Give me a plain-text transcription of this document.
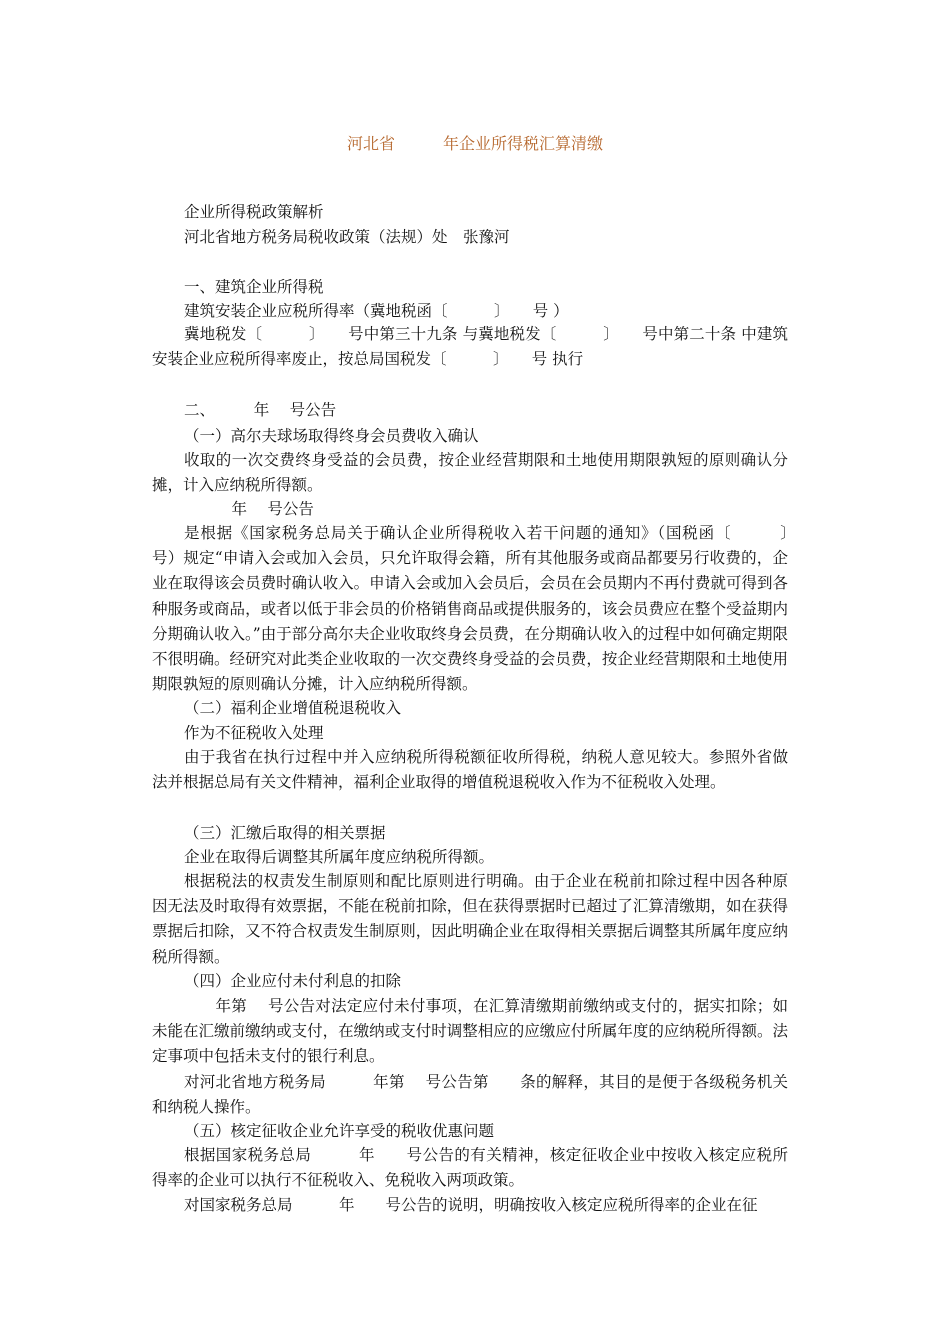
河北省　　　年企业所得税汇算清缴
企业所得税政策解析
河北省地方税务局税收政策（法规）处　张豫河
一、建筑企业所得税
建筑安装企业应税所得率（冀地税函〔　　　〕　　号 ）
冀地税发〔　　　〕　　号中第三十九条 与冀地税发〔　　　〕　　号中第二十条 中建筑安装企业应税所得率废止，按总局国税发〔　　　〕　　号 执行
二、　　　年　 号公告
（一）高尔夫球场取得终身会员费收入确认
收取的一次交费终身受益的会员费，按企业经营期限和土地使用期限孰短的原则确认分摊，计入应纳税所得额。
　年　 号公告
是根据《国家税务总局关于确认企业所得税收入若干问题的通知》（国税函〔　　　〕　　号）规定“申请入会或加入会员，只允许取得会籍，所有其他服务或商品都要另行收费的，企业在取得该会员费时确认收入。申请入会或加入会员后，会员在会员期内不再付费就可得到各种服务或商品，或者以低于非会员的价格销售商品或提供服务的，该会员费应在整个受益期内分期确认收入。”由于部分高尔夫企业收取终身会员费，在分期确认收入的过程中如何确定期限不很明确。经研究对此类企业收取的一次交费终身受益的会员费，按企业经营期限和土地使用期限孰短的原则确认分摊，计入应纳税所得额。
（二）福利企业增值税退税收入
作为不征税收入处理
由于我省在执行过程中并入应纳税所得税额征收所得税，纳税人意见较大。参照外省做法并根据总局有关文件精神，福利企业取得的增值税退税收入作为不征税收入处理。
（三）汇缴后取得的相关票据
企业在取得后调整其所属年度应纳税所得额。
根据税法的权责发生制原则和配比原则进行明确。由于企业在税前扣除过程中因各种原因无法及时取得有效票据，不能在税前扣除，但在获得票据时已超过了汇算清缴期，如在获得票据后扣除，又不符合权责发生制原则，因此明确企业在取得相关票据后调整其所属年度应纳税所得额。
（四）企业应付未付利息的扣除
　　年第　 号公告对法定应付未付事项，在汇算清缴期前缴纳或支付的，据实扣除；如未能在汇缴前缴纳或支付，在缴纳或支付时调整相应的应缴应付所属年度的应纳税所得额。法定事项中包括未支付的银行利息。
对河北省地方税务局　　　年第　 号公告第　　条的解释，其目的是便于各级税务机关和纳税人操作。
（五）核定征收企业允许享受的税收优惠问题
根据国家税务总局　　　年　　号公告的有关精神，核定征收企业中按收入核定应税所得率的企业可以执行不征税收入、免税收入两项政策。
对国家税务总局　　　年　　号公告的说明，明确按收入核定应税所得率的企业在征
